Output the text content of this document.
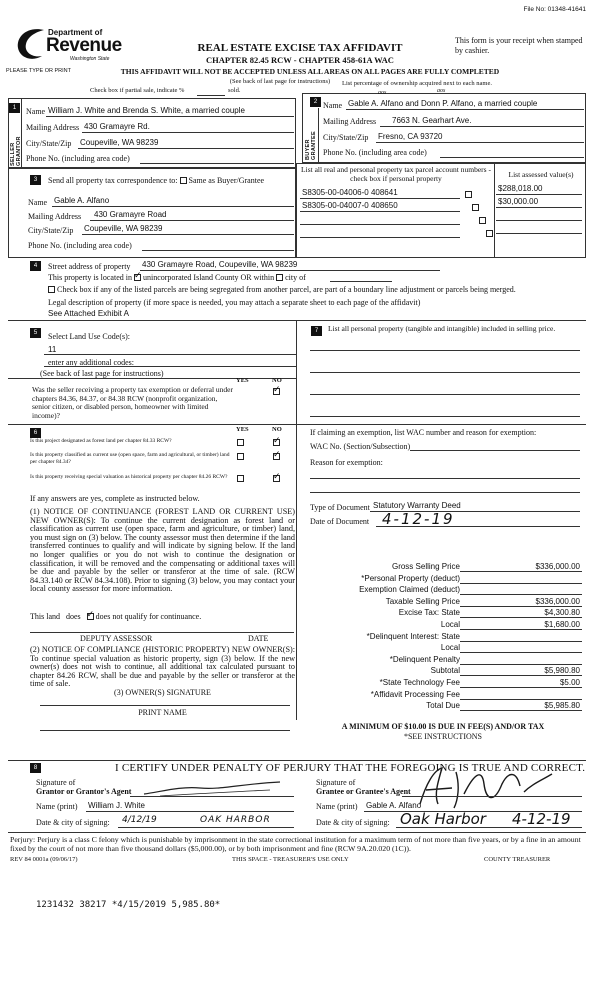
File No: 01348-41641
Department of
Revenue
Washington State
PLEASE TYPE OR PRINT
REAL ESTATE EXCISE TAX AFFIDAVIT
CHAPTER 82.45 RCW - CHAPTER 458-61A WAC
This form is your receipt when stamped by cashier.
THIS AFFIDAVIT WILL NOT BE ACCEPTED UNLESS ALL AREAS ON ALL PAGES ARE FULLY COMPLETED
(See back of last page for instructions)
Check box if partial sale, indicate %	sold.
List percentage of ownership acquired next to each name.
1
SELLER GRANTOR
2
BUYER GRANTEE
Name William J. White and Brenda S. White, a married couple
Mailing Address 430 Gramayre Rd.
City/State/Zip Coupeville, WA 98239
Phone No. (including area code)
Name Gable A. Alfano and Donn P. Alfano, a married couple
aos	aos
Mailing Address 7663 N. Gearhart Ave.
City/State/Zip Fresno, CA 93720
Phone No. (including area code)
3	Send all property tax correspondence to: Same as Buyer/Grantee
Name Gable A. Alfano
Mailing Address 430 Gramayre Road
City/State/Zip Coupeville, WA 98239
Phone No. (including area code)
List all real and personal property tax parcel account numbers - check box if personal property	List assessed value(s)
S8305-00-04006-0 408641	$288,018.00
S8305-00-04007-0 408650	$30,000.00
4	Street address of property 430 Gramayre Road, Coupeville, WA 98239
This property is located in ✓ unincorporated Island County OR within city of
Check box if any of the listed parcels are being segregated from another parcel, are part of a boundary line adjustment or parcels being merged.
Legal description of property (if more space is needed, you may attach a separate sheet to each page of the affidavit)
See Attached Exhibit A
5	Select Land Use Code(s):
11
enter any additional codes:
(See back of last page for instructions)
YES	NO
Was the seller receiving a property tax exemption or deferral under chapters 84.36, 84.37, or 84.38 RCW (nonprofit organization, senior citizen, or disabled person, homeowner with limited income)?
✓
7	List all personal property (tangible and intangible) included in selling price.
6	YES	NO
Is this project designated as forest land per chapter 84.33 RCW?
✓
Is this property classified as current use (open space, farm and agricultural, or timber) land per chapter 84.34?
✓
Is this property receiving special valuation as historical property per chapter 84.26 RCW?
✓
If any answers are yes, complete as instructed below.
(1) NOTICE OF CONTINUANCE (FOREST LAND OR CURRENT USE) NEW OWNER(S): To continue the current designation as forest land or classification as current use (open space, farm and agriculture, or timber) land, you must sign on (3) below. The county assessor must then determine if the land transferred continues to qualify and will indicate by signing below. If the land no longer qualifies or you do not wish to continue the designation or classification, it will be removed and the compensating or additional taxes will be due and payable by the seller or transferor at the time of sale. (RCW 84.33.140 or RCW 84.34.108). Prior to signing (3) below, you may contact your local county assessor for more information.
This land does ✓ does not qualify for continuance.
DEPUTY ASSESSOR	DATE
(2) NOTICE OF COMPLIANCE (HISTORIC PROPERTY) NEW OWNER(S): To continue special valuation as historic property, sign (3) below. If the new owner(s) does not wish to continue, all additional tax calculated pursuant to chapter 84.26 RCW, shall be due and payable by the seller or transferor at the time of sale.
(3) OWNER(S) SIGNATURE
PRINT NAME
If claiming an exemption, list WAC number and reason for exemption:
WAC No. (Section/Subsection)
Reason for exemption:
Type of Document Statutory Warranty Deed
Date of Document 4-12-19
Gross Selling Price	$336,000.00
*Personal Property (deduct)
Exemption Claimed (deduct)
Taxable Selling Price	$336,000.00
Excise Tax: State	$4,300.80
Local	$1,680.00
*Delinquent Interest: State
Local
*Delinquent Penalty
Subtotal	$5,980.80
*State Technology Fee	$5.00
*Affidavit Processing Fee
Total Due	$5,985.80
A MINIMUM OF $10.00 IS DUE IN FEE(S) AND/OR TAX
*SEE INSTRUCTIONS
8	I CERTIFY UNDER PENALTY OF PERJURY THAT THE FOREGOING IS TRUE AND CORRECT.
Signature of
Grantor or Grantor's Agent
Signature of
Grantee or Grantee's Agent
Name (print) William J. White	Name (print) Gable A. Alfano
Date & city of signing: 4/12/19	OAK HARBOR	Date & city of signing: Oak Harbor 4-12-19
Perjury: Perjury is a class C felony which is punishable by imprisonment in the state correctional institution for a maximum term of not more than five years, or by a fine in an amount fixed by the court of not more than five thousand dollars ($5,000.00), or by both imprisonment and fine (RCW 9A.20.020 (1C)).
REV 84 0001a (09/06/17)	THIS SPACE - TREASURER'S USE ONLY	COUNTY TREASURER
1231432 38217 *4/15/2019 5,985.80*
